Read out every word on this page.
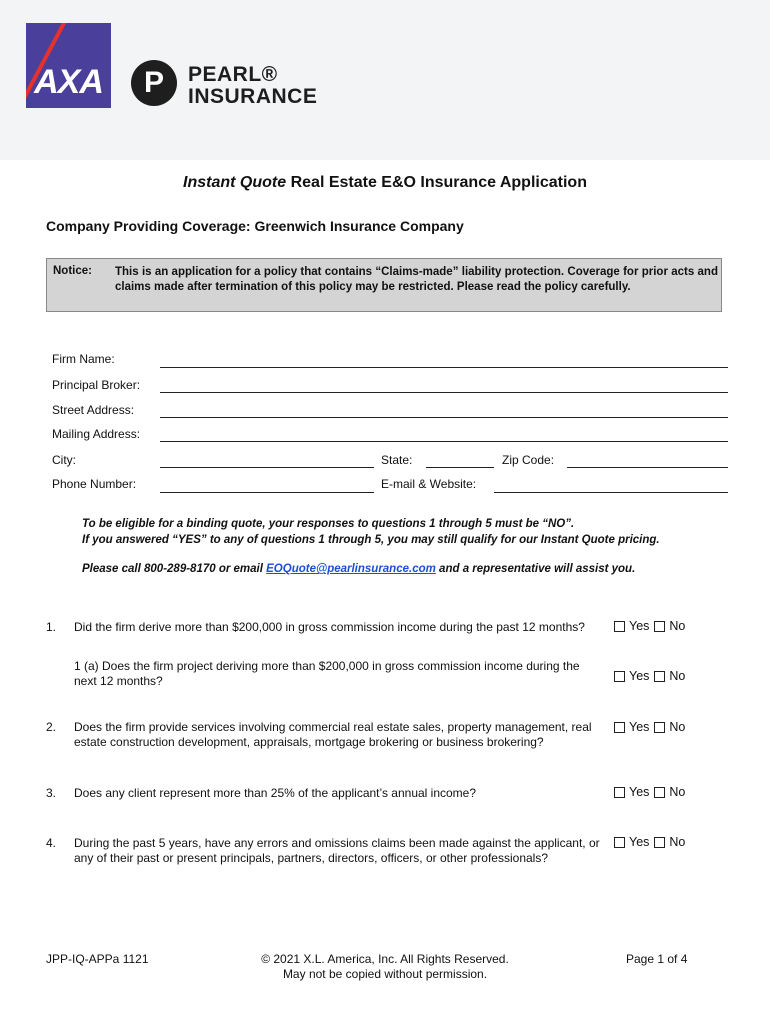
AXA	P	PEARL®
INSURANCE
Instant Quote Real Estate E&O Insurance Application
Company Providing Coverage: Greenwich Insurance Company
Notice: This is an application for a policy that contains “Claims-made” liability protection. Coverage for prior acts and claims made after termination of this policy may be restricted. Please read the policy carefully.
Firm Name:
Principal Broker:
Street Address:
Mailing Address:
City:	State:	Zip Code:
Phone Number:	E-mail & Website:
To be eligible for a binding quote, your responses to questions 1 through 5 must be “NO”.
If you answered “YES” to any of questions 1 through 5, you may still qualify for our Instant Quote pricing.
Please call 800-289-8170 or email EOQuote@pearlinsurance.com and a representative will assist you.
1. Did the firm derive more than $200,000 in gross commission income during the past 12 months?	Yes No
1 (a) Does the firm project deriving more than $200,000 in gross commission income during the next 12 months?	Yes No
2. Does the firm provide services involving commercial real estate sales, property management, real estate construction development, appraisals, mortgage brokering or business brokering?
Yes No
3. Does any client represent more than 25% of the applicant’s annual income?	Yes No
4. During the past 5 years, have any errors and omissions claims been made against the applicant, or any of their past or present principals, partners, directors, officers, or other professionals?
Yes No
JPP-IQ-APPa 1121	© 2021 X.L. America, Inc. All Rights Reserved.
May not be copied without permission.
Page 1 of 4
